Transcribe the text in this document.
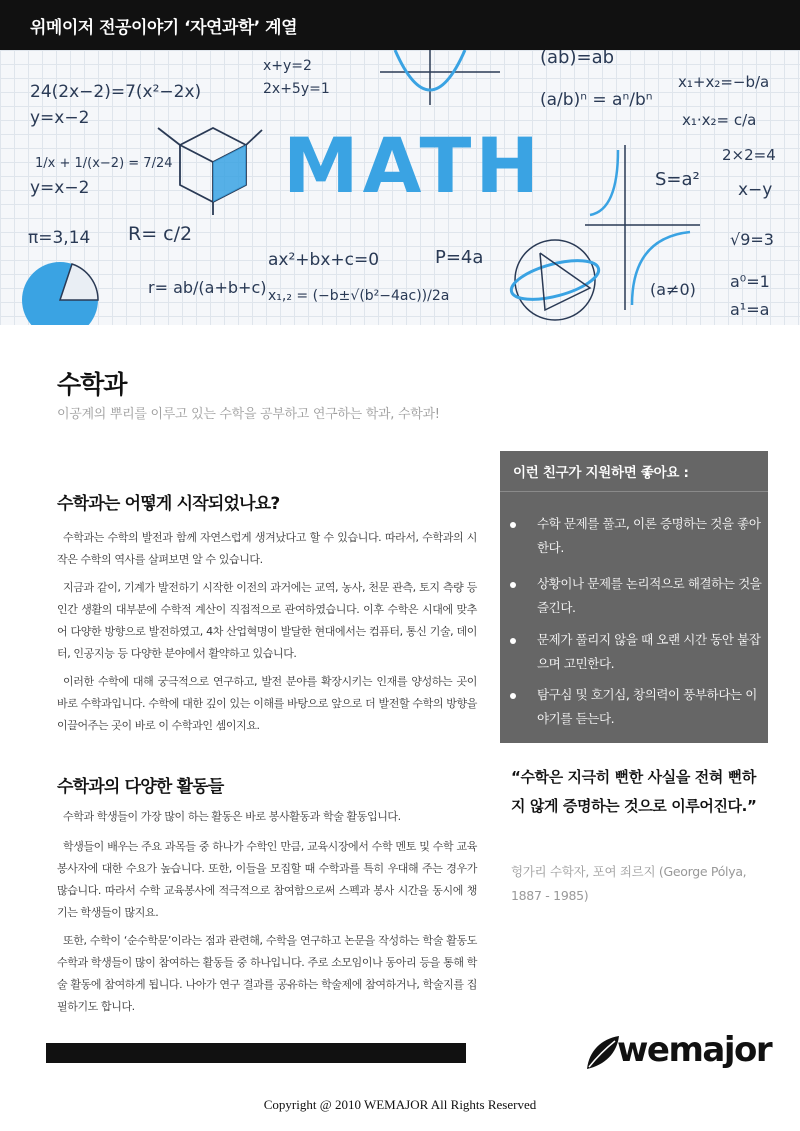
위메이저 전공이야기 ‘자연과학’ 계열
MATH
24(2x−2)=7(x²−2x)
y=x−2
1/x + 1/(x−2) = 7/24
y=x−2
π=3,14 R= c/2
r= ab/(a+b+c)
x+y=2
2x+5y=1
(ab)=ab
(a/b)ⁿ = aⁿ/bⁿ
x₁+x₂=−b/a
x₁·x₂= c/a
2×2=4
x−y
√9=3
a⁰=1
a¹=a
(a≠0)
S=a²
ax²+bx+c=0	P=4a
x₁,₂ = (−b±√(b²−4ac))/2a
수학과
이공계의 뿌리를 이루고 있는 수학을 공부하고 연구하는 학과, 수학과!
수학과는 어떻게 시작되었나요?
수학과는 수학의 발전과 함께 자연스럽게 생겨났다고 할 수 있습니다. 따라서, 수학과의 시작은 수학의 역사를 살펴보면 알 수 있습니다.
지금과 같이, 기계가 발전하기 시작한 이전의 과거에는 교역, 농사, 천문 관측, 토지 측량 등 인간 생활의 대부분에 수학적 계산이 직접적으로 관여하였습니다. 이후 수학은 시대에 맞추어 다양한 방향으로 발전하였고, 4차 산업혁명이 발달한 현대에서는 컴퓨터, 통신 기술, 데이터, 인공지능 등 다양한 분야에서 활약하고 있습니다.
이러한 수학에 대해 궁극적으로 연구하고, 발전 분야를 확장시키는 인재를 양성하는 곳이 바로 수학과입니다. 수학에 대한 깊이 있는 이해를 바탕으로 앞으로 더 발전할 수학의 방향을 이끌어주는 곳이 바로 이 수학과인 셈이지요.
수학과의 다양한 활동들
수학과 학생들이 가장 많이 하는 활동은 바로 봉사활동과 학술 활동입니다.
학생들이 배우는 주요 과목들 중 하나가 수학인 만큼, 교육시장에서 수학 멘토 및 수학 교육봉사자에 대한 수요가 높습니다. 또한, 이들을 모집할 때 수학과를 특히 우대해 주는 경우가 많습니다. 따라서 수학 교육봉사에 적극적으로 참여함으로써 스펙과 봉사 시간을 동시에 챙기는 학생들이 많지요.
또한, 수학이 ‘순수학문’이라는 점과 관련해, 수학을 연구하고 논문을 작성하는 학술 활동도 수학과 학생들이 많이 참여하는 활동들 중 하나입니다. 주로 소모임이나 동아리 등을 통해 학술 활동에 참여하게 됩니다. 나아가 연구 결과를 공유하는 학술제에 참여하거나, 학술지를 집필하기도 합니다.
이런 친구가 지원하면 좋아요 :
수학 문제를 풀고, 이론 증명하는 것을 좋아한다.
상황이나 문제를 논리적으로 해결하는 것을 즐긴다.
문제가 풀리지 않을 때 오랜 시간 동안 붙잡으며 고민한다.
탐구심 및 호기심, 창의력이 풍부하다는 이야기를 듣는다.
“수학은 지극히 뻔한 사실을 전혀 뻔하지 않게 증명하는 것으로 이루어진다.”
헝가리 수학자, 포여 죄르지 (George Pólya, 1887 - 1985)
wemajor
Copyright @ 2010 WEMAJOR All Rights Reserved
